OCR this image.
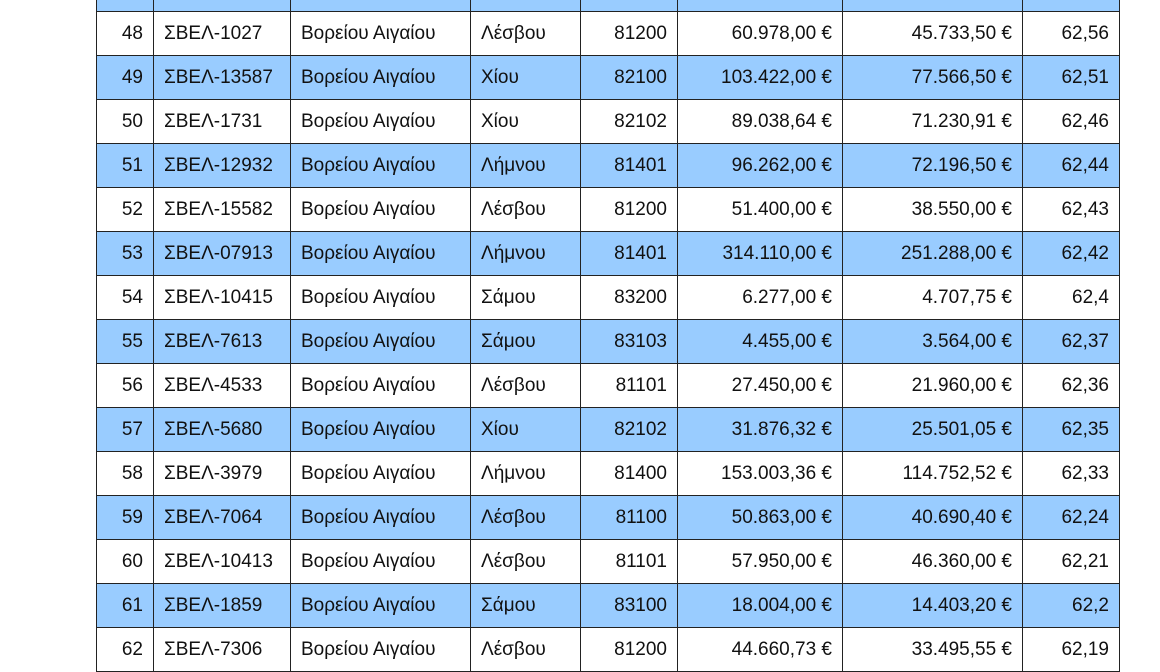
48	ΣΒΕΛ-1027	Βορείου Αιγαίου	Λέσβου	81200	60.978,00 €	45.733,50 €	62,56
49	ΣΒΕΛ-13587	Βορείου Αιγαίου	Χίου	82100	103.422,00 €	77.566,50 €	62,51
50	ΣΒΕΛ-1731	Βορείου Αιγαίου	Χίου	82102	89.038,64 €	71.230,91 €	62,46
51	ΣΒΕΛ-12932	Βορείου Αιγαίου	Λήμνου	81401	96.262,00 €	72.196,50 €	62,44
52	ΣΒΕΛ-15582	Βορείου Αιγαίου	Λέσβου	81200	51.400,00 €	38.550,00 €	62,43
53	ΣΒΕΛ-07913	Βορείου Αιγαίου	Λήμνου	81401	314.110,00 €	251.288,00 €	62,42
54	ΣΒΕΛ-10415	Βορείου Αιγαίου	Σάμου	83200	6.277,00 €	4.707,75 €	62,4
55	ΣΒΕΛ-7613	Βορείου Αιγαίου	Σάμου	83103	4.455,00 €	3.564,00 €	62,37
56	ΣΒΕΛ-4533	Βορείου Αιγαίου	Λέσβου	81101	27.450,00 €	21.960,00 €	62,36
57	ΣΒΕΛ-5680	Βορείου Αιγαίου	Χίου	82102	31.876,32 €	25.501,05 €	62,35
58	ΣΒΕΛ-3979	Βορείου Αιγαίου	Λήμνου	81400	153.003,36 €	114.752,52 €	62,33
59	ΣΒΕΛ-7064	Βορείου Αιγαίου	Λέσβου	81100	50.863,00 €	40.690,40 €	62,24
60	ΣΒΕΛ-10413	Βορείου Αιγαίου	Λέσβου	81101	57.950,00 €	46.360,00 €	62,21
61	ΣΒΕΛ-1859	Βορείου Αιγαίου	Σάμου	83100	18.004,00 €	14.403,20 €	62,2
62	ΣΒΕΛ-7306	Βορείου Αιγαίου	Λέσβου	81200	44.660,73 €	33.495,55 €	62,19
